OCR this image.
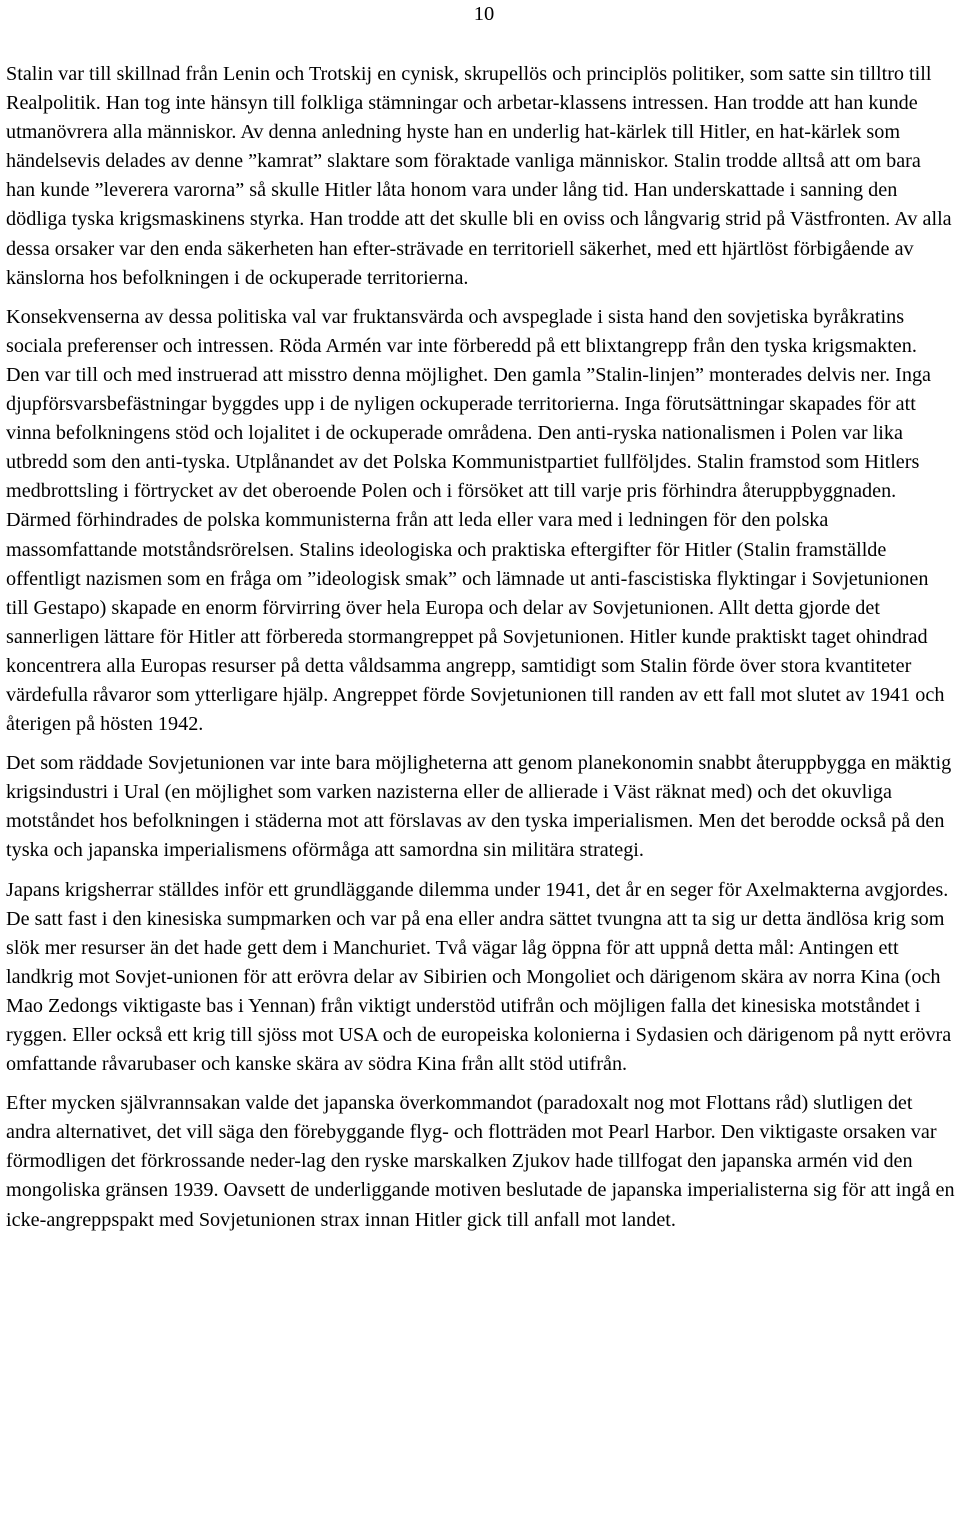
10

Stalin var till skillnad från Lenin och Trotskij en cynisk, skrupellös och principlös politiker, som satte sin tilltro till Realpolitik. Han tog inte hänsyn till folkliga stämningar och arbetar-klassens intressen. Han trodde att han kunde utmanövrera alla människor. Av denna anledning hyste han en underlig hat-kärlek till Hitler, en hat-kärlek som händelsevis delades av denne ”kamrat” slaktare som föraktade vanliga människor. Stalin trodde alltså att om bara han kunde ”leverera varorna” så skulle Hitler låta honom vara under lång tid. Han underskattade i sanning den dödliga tyska krigsmaskinens styrka. Han trodde att det skulle bli en oviss och långvarig strid på Västfronten. Av alla dessa orsaker var den enda säkerheten han efter-strävade en territoriell säkerhet, med ett hjärtlöst förbigående av känslorna hos befolkningen i de ockuperade territorierna.

Konsekvenserna av dessa politiska val var fruktansvärda och avspeglade i sista hand den sovjetiska byråkratins sociala preferenser och intressen. Röda Armén var inte förberedd på ett blixtangrepp från den tyska krigsmakten. Den var till och med instruerad att misstro denna möjlighet. Den gamla ”Stalin-linjen” monterades delvis ner. Inga djupförsvarsbefästningar byggdes upp i de nyligen ockuperade territorierna. Inga förutsättningar skapades för att vinna befolkningens stöd och lojalitet i de ockuperade områdena. Den anti-ryska nationalismen i Polen var lika utbredd som den anti-tyska. Utplånandet av det Polska Kommunistpartiet fullföljdes. Stalin framstod som Hitlers medbrottsling i förtrycket av det oberoende Polen och i försöket att till varje pris förhindra återuppbyggnaden. Därmed förhindrades de polska kommunisterna från att leda eller vara med i ledningen för den polska massomfattande motståndsrörelsen. Stalins ideologiska och praktiska eftergifter för Hitler (Stalin framställde offentligt nazismen som en fråga om ”ideologisk smak” och lämnade ut anti-fascistiska flyktingar i Sovjetunionen till Gestapo) skapade en enorm förvirring över hela Europa och delar av Sovjetunionen. Allt detta gjorde det sannerligen lättare för Hitler att förbereda stormangreppet på Sovjetunionen. Hitler kunde praktiskt taget ohindrad koncentrera alla Europas resurser på detta våldsamma angrepp, samtidigt som Stalin förde över stora kvantiteter värdefulla råvaror som ytterligare hjälp. Angreppet förde Sovjetunionen till randen av ett fall mot slutet av 1941 och återigen på hösten 1942.

Det som räddade Sovjetunionen var inte bara möjligheterna att genom planekonomin snabbt återuppbygga en mäktig krigsindustri i Ural (en möjlighet som varken nazisterna eller de allierade i Väst räknat med) och det okuvliga motståndet hos befolkningen i städerna mot att förslavas av den tyska imperialismen. Men det berodde också på den tyska och japanska imperialismens oförmåga att samordna sin militära strategi.

Japans krigsherrar ställdes inför ett grundläggande dilemma under 1941, det år en seger för Axelmakterna avgjordes. De satt fast i den kinesiska sumpmarken och var på ena eller andra sättet tvungna att ta sig ur detta ändlösa krig som slök mer resurser än det hade gett dem i Manchuriet. Två vägar låg öppna för att uppnå detta mål: Antingen ett landkrig mot Sovjet-unionen för att erövra delar av Sibirien och Mongoliet och därigenom skära av norra Kina (och Mao Zedongs viktigaste bas i Yennan) från viktigt understöd utifrån och möjligen falla det kinesiska motståndet i ryggen. Eller också ett krig till sjöss mot USA och de europeiska kolonierna i Sydasien och därigenom på nytt erövra omfattande råvarubaser och kanske skära av södra Kina från allt stöd utifrån.

Efter mycken självrannsakan valde det japanska överkommandot (paradoxalt nog mot Flottans råd) slutligen det andra alternativet, det vill säga den förebyggande flyg- och flotträden mot Pearl Harbor. Den viktigaste orsaken var förmodligen det förkrossande neder-lag den ryske marskalken Zjukov hade tillfogat den japanska armén vid den mongoliska gränsen 1939. Oavsett de underliggande motiven beslutade de japanska imperialisterna sig för att ingå en icke-angreppspakt med Sovjetunionen strax innan Hitler gick till anfall mot landet.
